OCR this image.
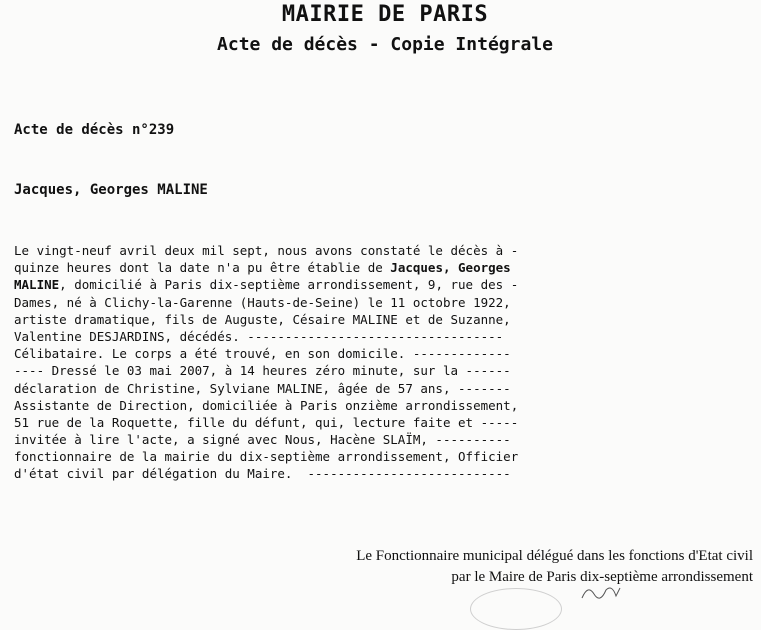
MAIRIE DE PARIS
Acte de décès - Copie Intégrale
Acte de décès n°239
Jacques, Georges MALINE
Le vingt-neuf avril deux mil sept, nous avons constaté le décès à -
quinze heures dont la date n'a pu être établie de Jacques, Georges
MALINE, domicilié à Paris dix-septième arrondissement, 9, rue des -
Dames, né à Clichy-la-Garenne (Hauts-de-Seine) le 11 octobre 1922,
artiste dramatique, fils de Auguste, Césaire MALINE et de Suzanne,
Valentine DESJARDINS, décédés. ----------------------------------
Célibataire. Le corps a été trouvé, en son domicile. -------------
---- Dressé le 03 mai 2007, à 14 heures zéro minute, sur la ------
déclaration de Christine, Sylviane MALINE, âgée de 57 ans, -------
Assistante de Direction, domiciliée à Paris onzième arrondissement,
51 rue de la Roquette, fille du défunt, qui, lecture faite et -----
invitée à lire l'acte, a signé avec Nous, Hacène SLAÏM, ----------
fonctionnaire de la mairie du dix-septième arrondissement, Officier
d'état civil par délégation du Maire.  ---------------------------
Le Fonctionnaire municipal délégué dans les fonctions d'Etat civil
par le Maire de Paris dix-septième arrondissement
